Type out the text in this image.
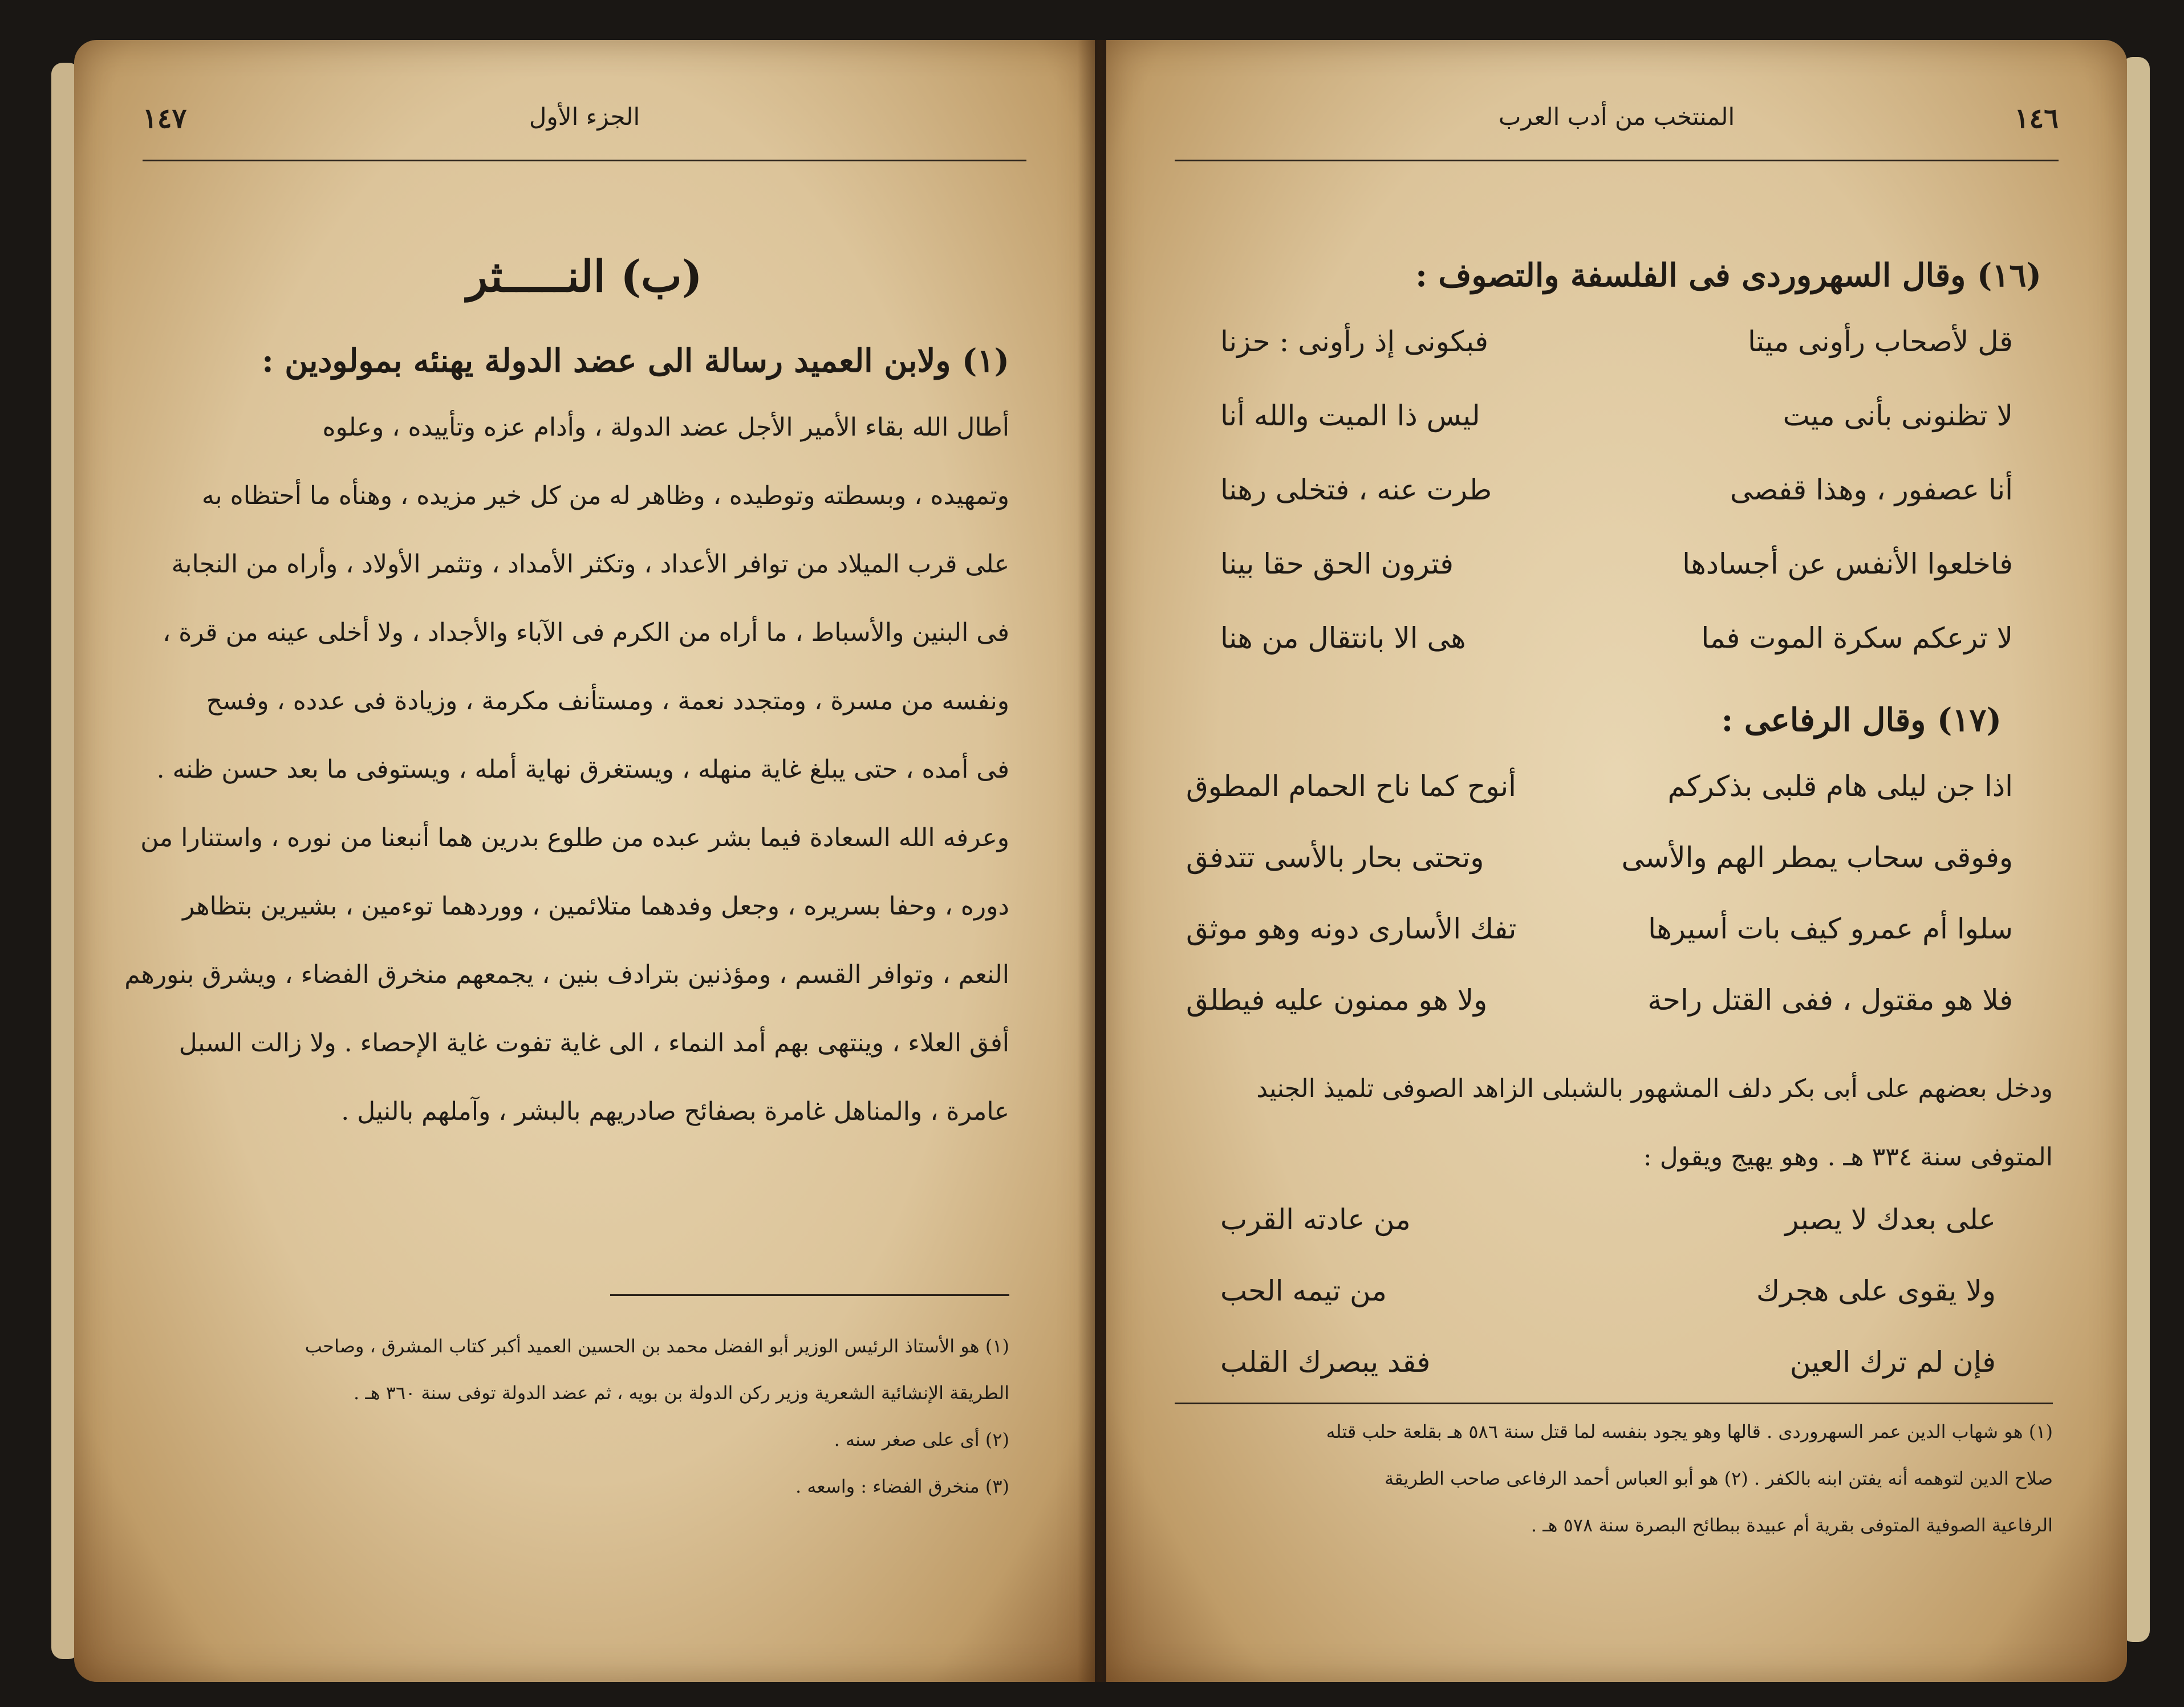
الجزء الأول
١٤٧
(ب) النـــــثر
(١) ولابن العميد رسالة الى عضد الدولة يهنئه بمولودين :
أطال الله بقاء الأمير الأجل عضد الدولة ، وأدام عزه وتأييده ، وعلوه
وتمهيده ، وبسطته وتوطيده ، وظاهر له من كل خير مزيده ، وهنأه ما أحتظاه به
على قرب الميلاد من توافر الأعداد ، وتكثر الأمداد ، وتثمر الأولاد ، وأراه من النجابة
فى البنين والأسباط ، ما أراه من الكرم فى الآباء والأجداد ، ولا أخلى عينه من قرة ،
ونفسه من مسرة ، ومتجدد نعمة ، ومستأنف مكرمة ، وزيادة فى عدده ، وفسح
فى أمده ، حتى يبلغ غاية منهله ، ويستغرق نهاية أمله ، ويستوفى ما بعد حسن ظنه .
وعرفه الله السعادة فيما بشر عبده من طلوع بدرين هما أنبعنا من نوره ، واستنارا من
دوره ، وحفا بسريره ، وجعل وفدهما متلائمين ، ووردهما توءمين ، بشيرين بتظاهر
النعم ، وتوافر القسم ، ومؤذنين بترادف بنين ، يجمعهم منخرق الفضاء ، ويشرق بنورهم
أفق العلاء ، وينتهى بهم أمد النماء ، الى غاية تفوت غاية الإحصاء . ولا زالت السبل
عامرة ، والمناهل غامرة بصفائح صادريهم بالبشر ، وآملهم بالنيل .
(١) هو الأستاذ الرئيس الوزير أبو الفضل محمد بن الحسين العميد أكبر كتاب المشرق ، وصاحب
الطريقة الإنشائية الشعرية وزير ركن الدولة بن بويه ، ثم عضد الدولة توفى سنة ٣٦٠ هـ .
(٢) أى على صغر سنه .
(٣) منخرق الفضاء : واسعه .
المنتخب من أدب العرب	١٤٦
(١٦) وقال السهروردى فى الفلسفة والتصوف :
قل لأصحاب رأونى ميتا
فبكونى إذ رأونى : حزنا
لا تظنونى بأنى ميت
ليس ذا الميت والله أنا
أنا عصفور ، وهذا قفصى
طرت عنه ، فتخلى رهنا
فاخلعوا الأنفس عن أجسادها
فترون الحق حقا بينا
لا ترعكم سكرة الموت فما
هى الا بانتقال من هنا
(١٧) وقال الرفاعى :
اذا جن ليلى هام قلبى بذكركم
أنوح كما ناح الحمام المطوق
وفوقى سحاب يمطر الهم والأسى
وتحتى بحار بالأسى تتدفق
سلوا أم عمرو كيف بات أسيرها
تفك الأسارى دونه وهو موثق
فلا هو مقتول ، ففى القتل راحة
ولا هو ممنون عليه فيطلق
ودخل بعضهم على أبى بكر دلف المشهور بالشبلى الزاهد الصوفى تلميذ الجنيد
المتوفى سنة ٣٣٤ هـ . وهو يهيج ويقول :
على بعدك لا يصبر
من عادته القرب
ولا يقوى على هجرك
من تيمه الحب
فإن لم ترك العين
فقد يبصرك القلب
(١) هو شهاب الدين عمر السهروردى . قالها وهو يجود بنفسه لما قتل سنة ٥٨٦ هـ بقلعة حلب قتله
صلاح الدين لتوهمه أنه يفتن ابنه بالكفر . (٢) هو أبو العباس أحمد الرفاعى صاحب الطريقة
الرفاعية الصوفية المتوفى بقرية أم عبيدة ببطائح البصرة سنة ٥٧٨ هـ .
